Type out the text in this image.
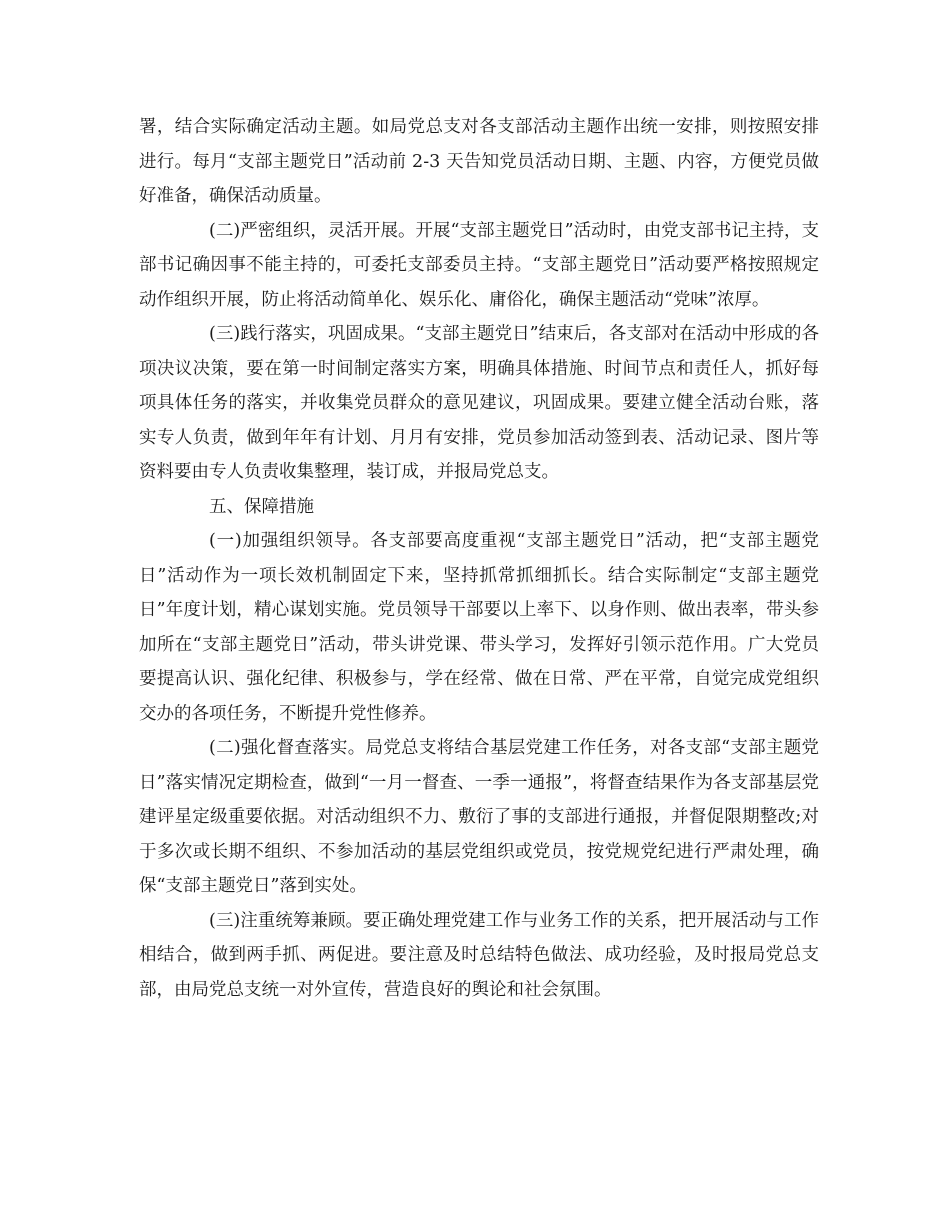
署，结合实际确定活动主题。如局党总支对各支部活动主题作出统一安排，则按照安排进行。每月“支部主题党日”活动前 2-3 天告知党员活动日期、主题、内容，方便党员做好准备，确保活动质量。

(二)严密组织，灵活开展。开展“支部主题党日”活动时，由党支部书记主持，支部书记确因事不能主持的，可委托支部委员主持。“支部主题党日”活动要严格按照规定动作组织开展，防止将活动简单化、娱乐化、庸俗化，确保主题活动“党味”浓厚。

(三)践行落实，巩固成果。“支部主题党日”结束后，各支部对在活动中形成的各项决议决策，要在第一时间制定落实方案，明确具体措施、时间节点和责任人，抓好每项具体任务的落实，并收集党员群众的意见建议，巩固成果。要建立健全活动台账，落实专人负责，做到年年有计划、月月有安排，党员参加活动签到表、活动记录、图片等资料要由专人负责收集整理，装订成，并报局党总支。

五、保障措施

(一)加强组织领导。各支部要高度重视“支部主题党日”活动，把“支部主题党日”活动作为一项长效机制固定下来，坚持抓常抓细抓长。结合实际制定“支部主题党日”年度计划，精心谋划实施。党员领导干部要以上率下、以身作则、做出表率，带头参加所在“支部主题党日”活动，带头讲党课、带头学习，发挥好引领示范作用。广大党员要提高认识、强化纪律、积极参与，学在经常、做在日常、严在平常，自觉完成党组织交办的各项任务，不断提升党性修养。

(二)强化督查落实。局党总支将结合基层党建工作任务，对各支部“支部主题党日”落实情况定期检查，做到“一月一督查、一季一通报”，将督查结果作为各支部基层党建评星定级重要依据。对活动组织不力、敷衍了事的支部进行通报，并督促限期整改;对于多次或长期不组织、不参加活动的基层党组织或党员，按党规党纪进行严肃处理，确保“支部主题党日”落到实处。

(三)注重统筹兼顾。要正确处理党建工作与业务工作的关系，把开展活动与工作相结合，做到两手抓、两促进。要注意及时总结特色做法、成功经验，及时报局党总支部，由局党总支统一对外宣传，营造良好的舆论和社会氛围。
